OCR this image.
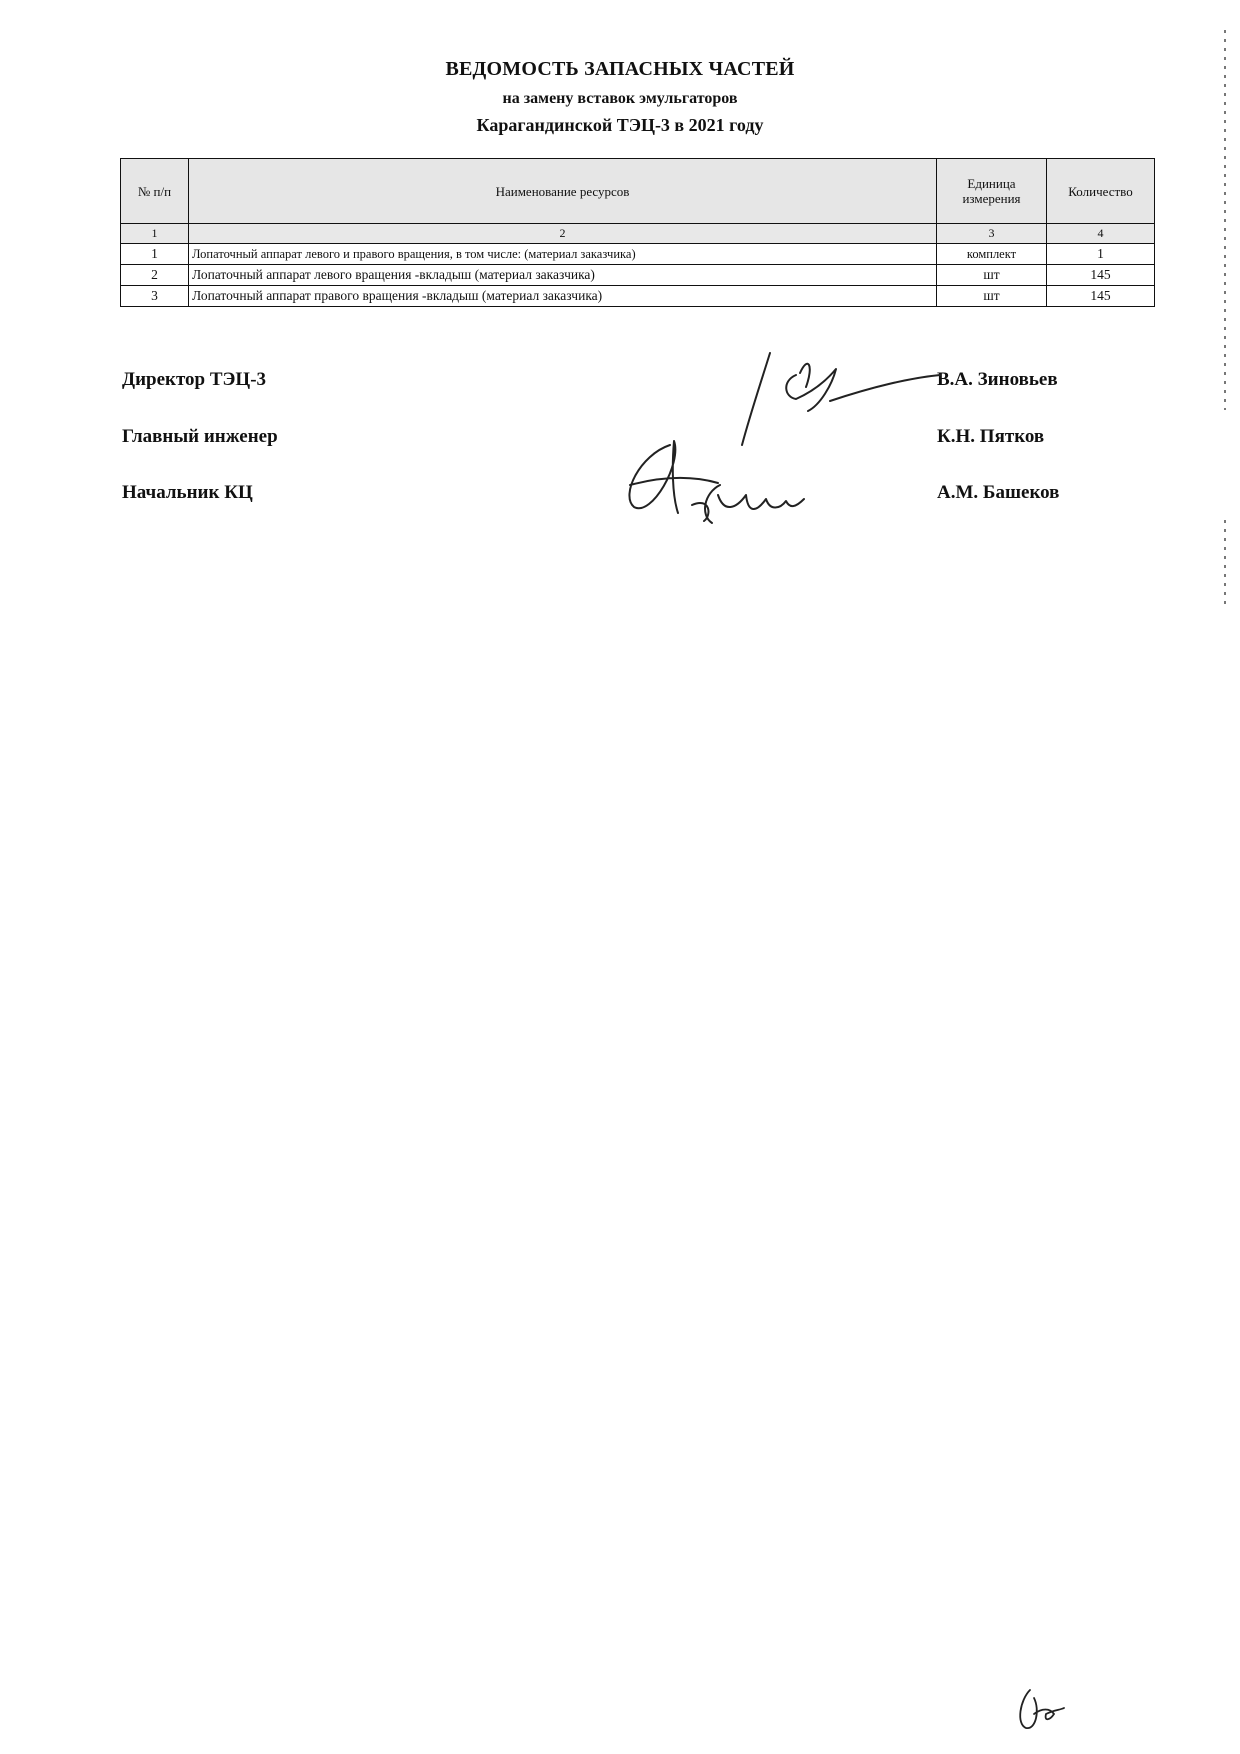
ВЕДОМОСТЬ ЗАПАСНЫХ ЧАСТЕЙ
на замену вставок эмульгаторов
Карагандинской ТЭЦ-3 в 2021 году
№ п/п	Наименование ресурсов	Единица измерения	Количество
1	2	3	4
1	Лопаточный аппарат левого и правого вращения, в том числе: (материал заказчика)	комплект	1
2	Лопаточный аппарат левого вращения -вкладыш (материал заказчика)	шт	145
3	Лопаточный аппарат правого вращения -вкладыш (материал заказчика)	шт	145
Директор ТЭЦ-3	В.А. Зиновьев
Главный инженер	К.Н. Пятков
Начальник КЦ	А.М. Башеков
